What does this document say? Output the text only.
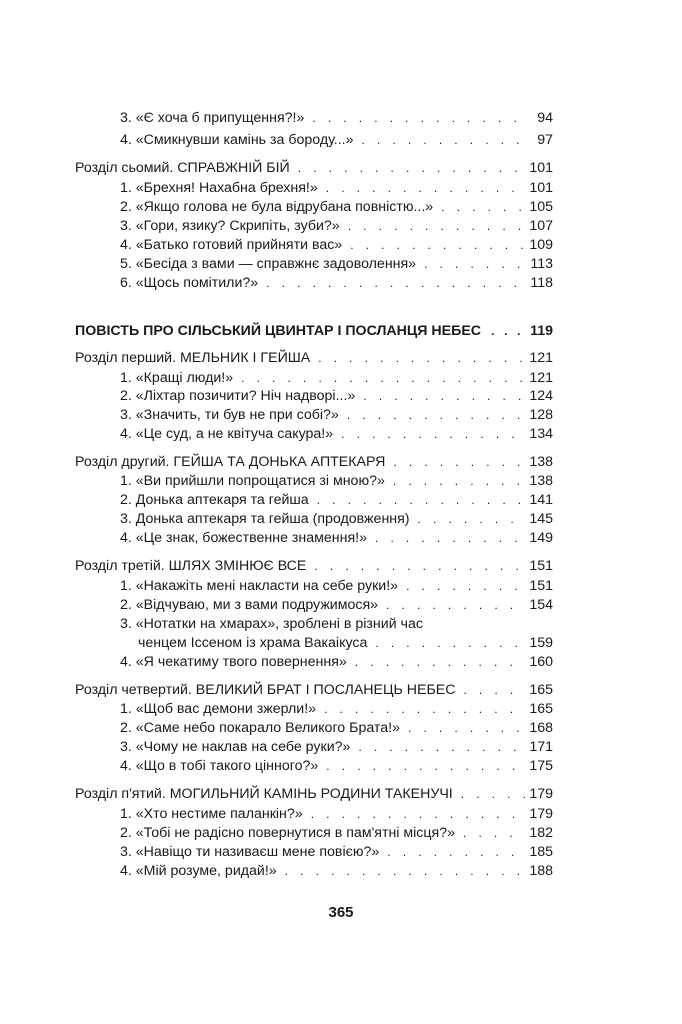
3. «Є хоча б припущення?!» . . .	94
4. «Смикнувши камінь за бороду...» . . .	97
Розділ сьомий. СПРАВЖНІЙ БІЙ . . .	101
1. «Брехня! Нахабна брехня!» . . .	101
2. «Якщо голова не була відрубана повністю...» . . .	105
3. «Гори, язику? Скрипіть, зуби?» . . .	107
4. «Батько готовий прийняти вас» . . .	109
5. «Бесіда з вами — справжнє задоволення» . . .	113
6. «Щось помітили?» . . .	118
ПОВІСТЬ ПРО СІЛЬСЬКИЙ ЦВИНТАР І ПОСЛАНЦЯ НЕБЕС . . .	119
Розділ перший. МЕЛЬНИК І ГЕЙША . . .	121
1. «Кращі люди!» . . .	121
2. «Ліхтар позичити? Ніч надворі...» . . .	124
3. «Значить, ти був не при собі?» . . .	128
4. «Це суд, а не квітуча сакура!» . . .	134
Розділ другий. ГЕЙША ТА ДОНЬКА АПТЕКАРЯ . . .	138
1. «Ви прийшли попрощатися зі мною?» . . .	138
2. Донька аптекаря та гейша . . .	141
3. Донька аптекаря та гейша (продовження) . . .	145
4. «Це знак, божественне знамення!» . . .	149
Розділ третій. ШЛЯХ ЗМІНЮЄ ВСЕ . . .	151
1. «Накажіть мені накласти на себе руки!» . . .	151
2. «Відчуваю, ми з вами подружимося» . . .	154
3. «Нотатки на хмарах», зроблені в різний час
ченцем Іссеном із храма Вакаікуса . . .	159
4. «Я чекатиму твого повернення» . . .	160
Розділ четвертий. ВЕЛИКИЙ БРАТ І ПОСЛАНЕЦЬ НЕБЕС . . .	165
1. «Щоб вас демони зжерли!» . . .	165
2. «Саме небо покарало Великого Брата!» . . .	168
3. «Чому не наклав на себе руки?» . . .	171
4. «Що в тобі такого цінного?» . . .	175
Розділ п'ятий. МОГИЛЬНИЙ КАМІНЬ РОДИНИ ТАКЕНУЧІ . . .	179
1. «Хто нестиме паланкін?» . . .	179
2. «Тобі не радісно повернутися в пам'ятні місця?» . . .	182
3. «Навіщо ти називаєш мене повією?» . . .	185
4. «Мій розуме, ридай!» . . .	188
365
